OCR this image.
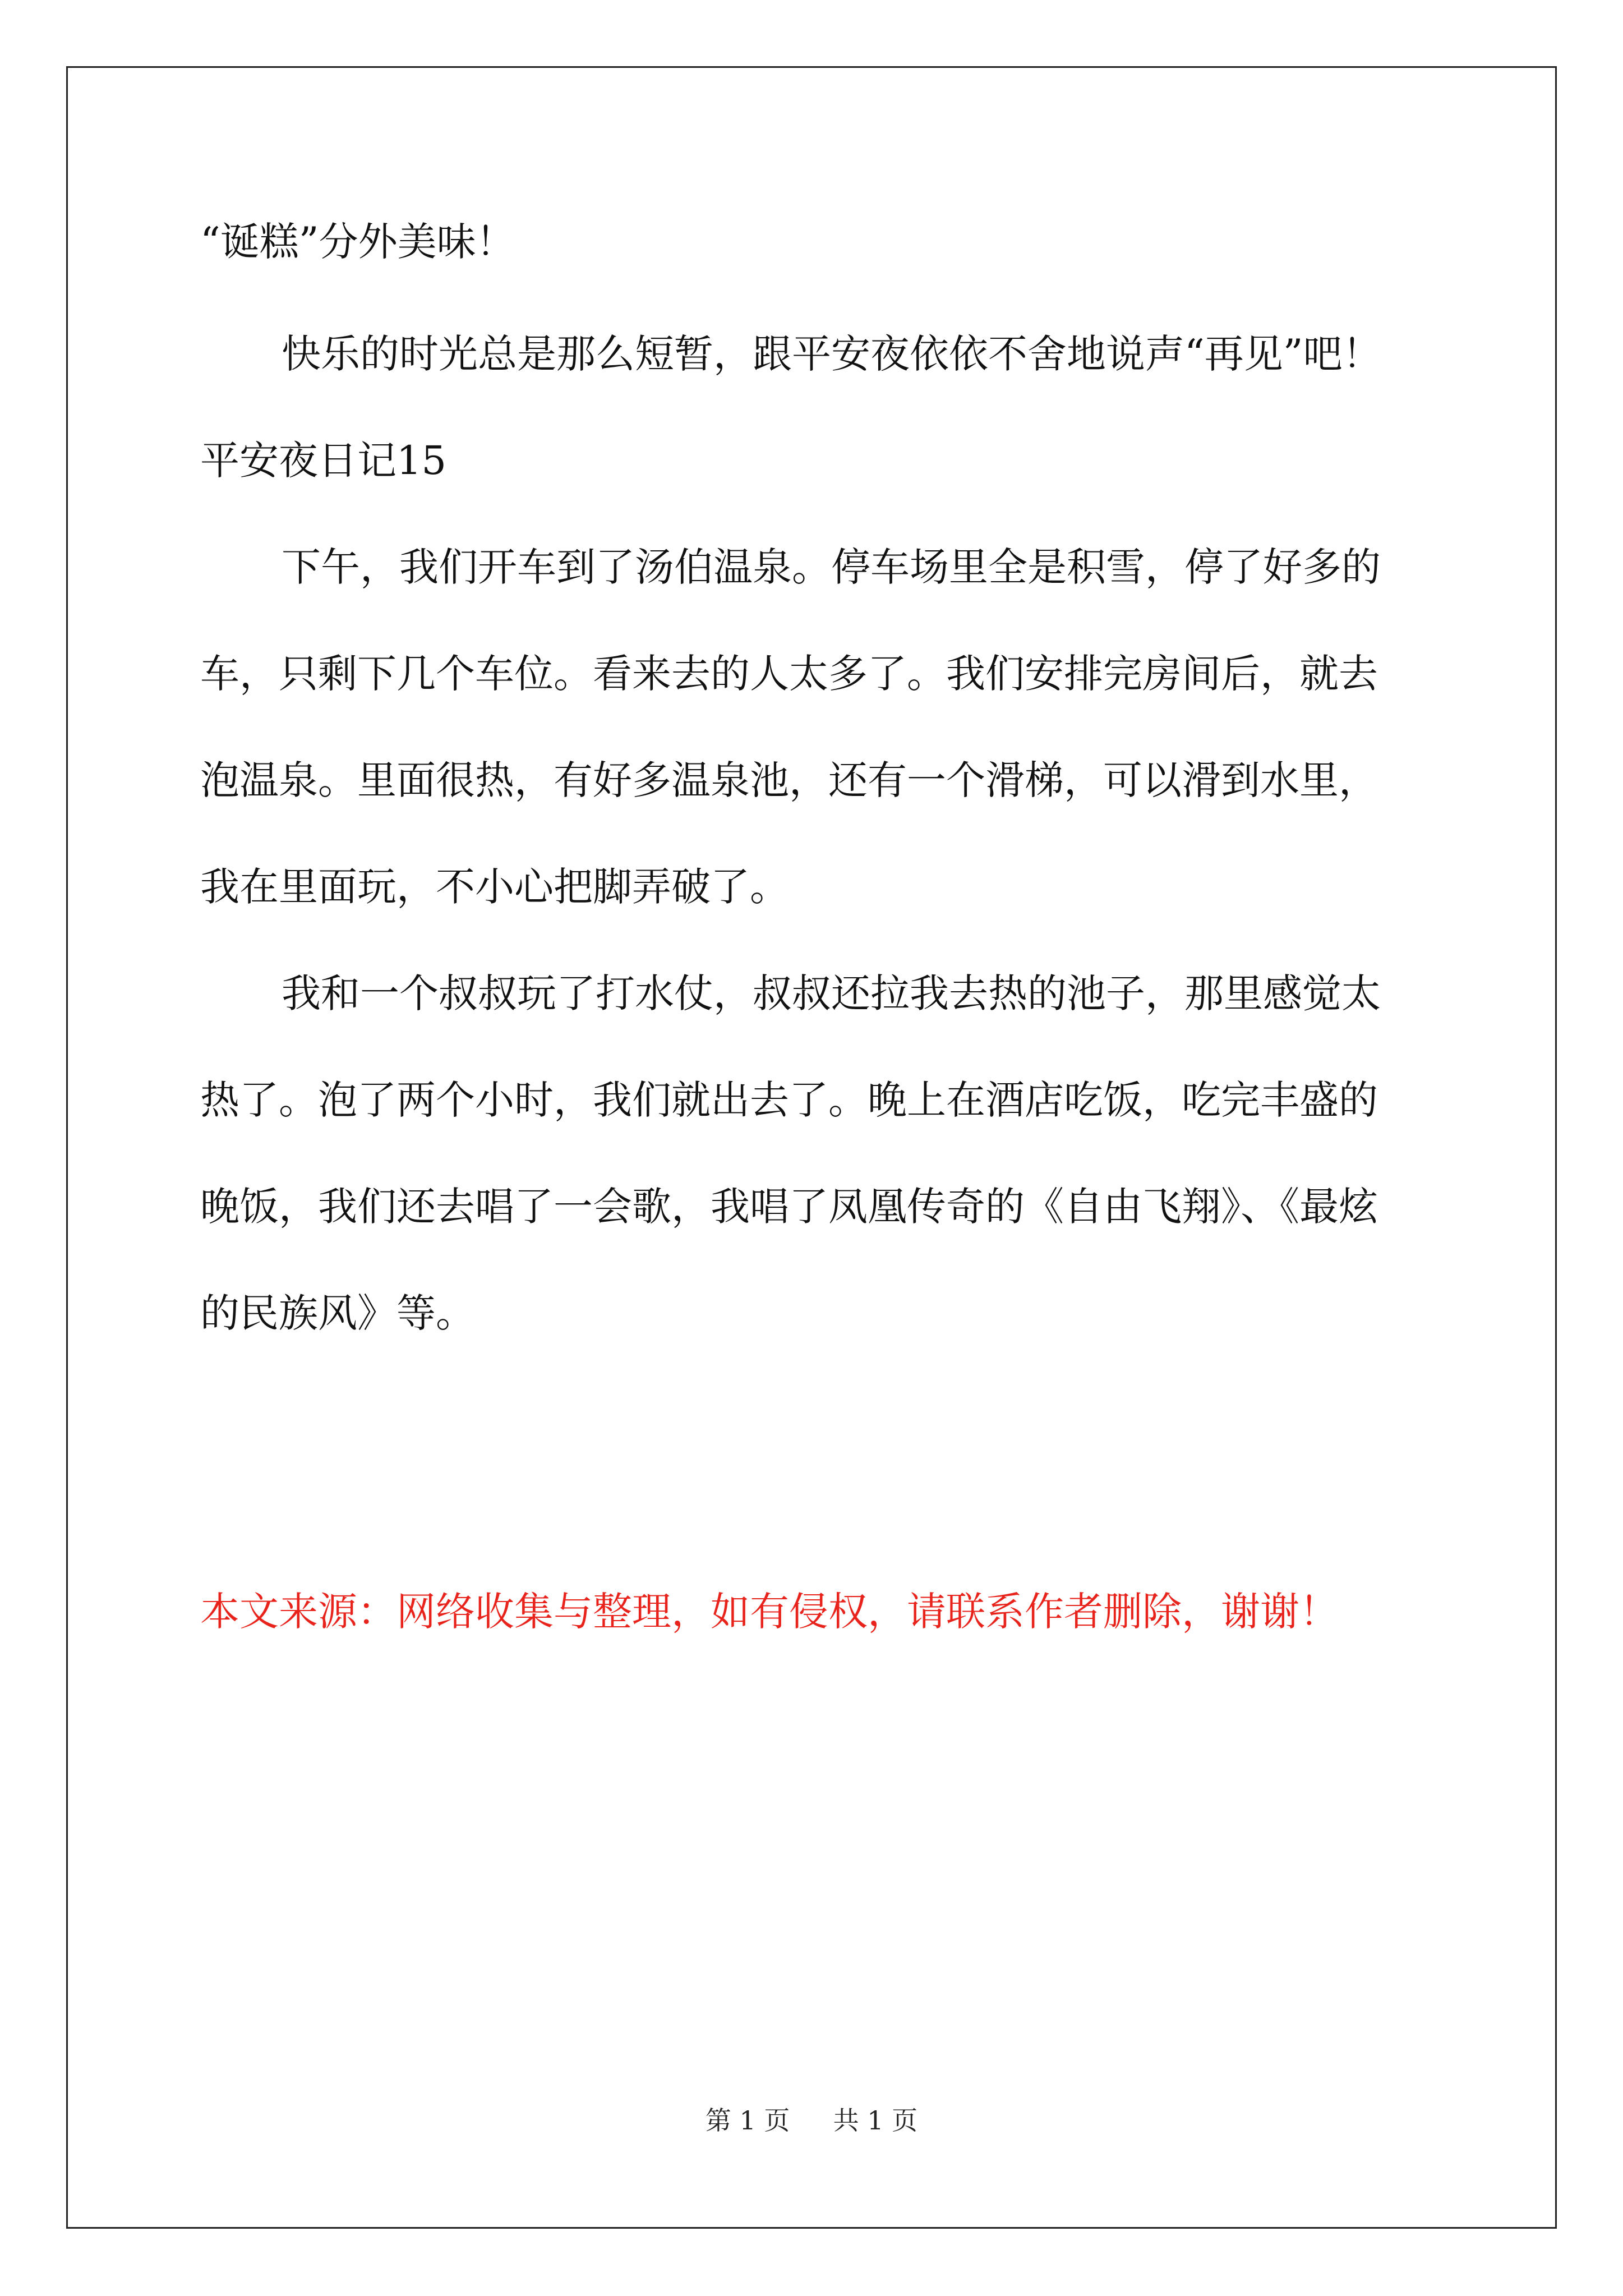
“诞糕”分外美味！

快乐的时光总是那么短暂，跟平安夜依依不舍地说声“再见”吧！

平安夜日记15

下午，我们开车到了汤伯温泉。停车场里全是积雪，停了好多的

车，只剩下几个车位。看来去的人太多了。我们安排完房间后，就去

泡温泉。里面很热，有好多温泉池，还有一个滑梯，可以滑到水里，

我在里面玩，不小心把脚弄破了。

我和一个叔叔玩了打水仗，叔叔还拉我去热的池子，那里感觉太

热了。泡了两个小时，我们就出去了。晚上在酒店吃饭，吃完丰盛的

晚饭，我们还去唱了一会歌，我唱了凤凰传奇的《自由飞翔》、《最炫

的民族风》等。

本文来源：网络收集与整理，如有侵权，请联系作者删除，谢谢！

第 1 页 共 1 页
